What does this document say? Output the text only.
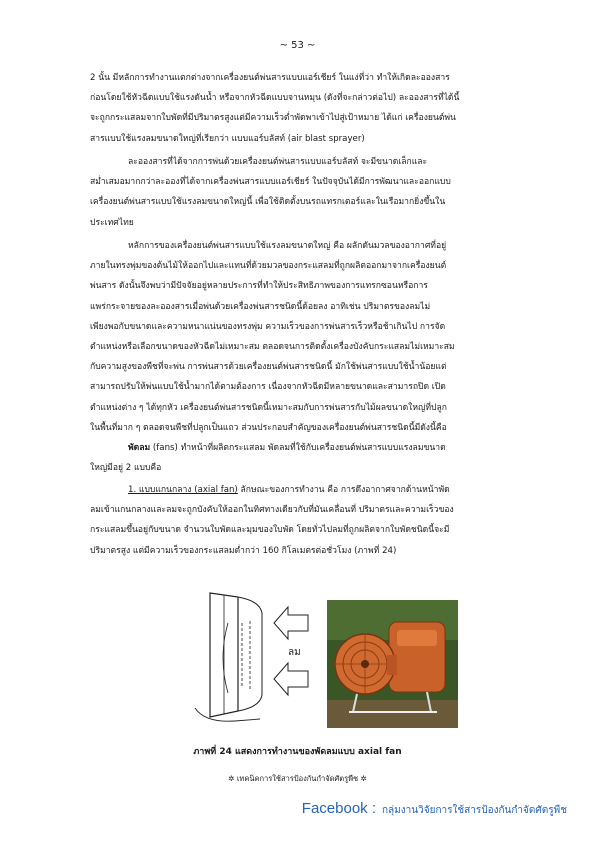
~ 53 ~
2 นั้น มีหลักการทำงานแตกต่างจากเครื่องยนต์พ่นสารแบบแอร์เชียร์ ในแง่ที่ว่า ทำให้เกิดละอองสาร
ก่อนโดยใช้หัวฉีดแบบใช้แรงดันน้ำ หรือจากหัวฉีดแบบจานหมุน (ดังที่จะกล่าวต่อไป) ละอองสารที่ได้นี้
จะถูกกระแสลมจากใบพัดที่มีปริมาตรสูงแต่มีความเร็วต่ำพัดพาเข้าไปสู่เป้าหมาย ได้แก่ เครื่องยนต์พ่น
สารแบบใช้แรงลมขนาดใหญ่ที่เรียกว่า แบบแอร์บลัสท์ (air blast sprayer)
ละอองสารที่ได้จากการพ่นด้วยเครื่องยนต์พ่นสารแบบแอร์บลัสท์ จะมีขนาดเล็กและ
สม่ำเสมอมากกว่าละอองที่ได้จากเครื่องพ่นสารแบบแอร์เชียร์ ในปัจจุบันได้มีการพัฒนาและออกแบบ
เครื่องยนต์พ่นสารแบบใช้แรงลมขนาดใหญ่นี้ เพื่อใช้ติดตั้งบนรถแทรกเตอร์และในเรือมากยิ่งขึ้นใน
ประเทศไทย
หลักการของเครื่องยนต์พ่นสารแบบใช้แรงลมขนาดใหญ่ คือ ผลักดันมวลของอากาศที่อยู่
ภายในทรงพุ่มของต้นไม้ให้ออกไปและแทนที่ด้วยมวลของกระแสลมที่ถูกผลิตออกมาจากเครื่องยนต์
พ่นสาร ดังนั้นจึงพบว่ามีปัจจัยอยู่หลายประการที่ทำให้ประสิทธิภาพของการแทรกซอนหรือการ
แพร่กระจายของละอองสารเมื่อพ่นด้วยเครื่องพ่นสารชนิดนี้ด้อยลง อาทิเช่น ปริมาตรของลมไม่
เพียงพอกับขนาดและความหนาแน่นของทรงพุ่ม ความเร็วของการพ่นสารเร็วหรือช้าเกินไป การจัด
ตำแหน่งหรือเลือกขนาดของหัวฉีดไม่เหมาะสม ตลอดจนการติดตั้งเครื่องบังคับกระแสลมไม่เหมาะสม
กับความสูงของพืชที่จะพ่น การพ่นสารด้วยเครื่องยนต์พ่นสารชนิดนี้ มักใช้พ่นสารแบบใช้น้ำน้อยแต่
สามารถปรับให้พ่นแบบใช้น้ำมากได้ตามต้องการ เนื่องจากหัวฉีดมีหลายขนาดและสามารถปิด เปิด
ตำแหน่งต่าง ๆ ได้ทุกหัว เครื่องยนต์พ่นสารชนิดนี้เหมาะสมกับการพ่นสารกับไม้ผลขนาดใหญ่ที่ปลูก
ในพื้นที่มาก ๆ ตลอดจนพืชที่ปลูกเป็นแถว ส่วนประกอบสำคัญของเครื่องยนต์พ่นสารชนิดนี้มีดังนี้คือ
พัดลม (fans) ทำหน้าที่ผลิตกระแสลม พัดลมที่ใช้กับเครื่องยนต์พ่นสารแบบแรงลมขนาด
ใหญ่มีอยู่ 2 แบบคือ
1. แบบแกนกลาง (axial fan) ลักษณะของการทำงาน คือ การดึงอากาศจากด้านหน้าพัด
ลมเข้าแกนกลางและลมจะถูกบังคับให้ออกในทิศทางเดียวกับที่มันเคลื่อนที่ ปริมาตรและความเร็วของ
กระแสลมขึ้นอยู่กับขนาด จำนวนใบพัดและมุมของใบพัด โดยทั่วไปลมที่ถูกผลิตจากใบพัดชนิดนี้จะมี
ปริมาตรสูง แต่มีความเร็วของกระแสลมต่ำกว่า 160 กิโลเมตรต่อชั่วโมง (ภาพที่ 24)
ลม
ภาพที่ 24 แสดงการทำงานของพัดลมแบบ axial fan
✲ เทคนิคการใช้สารป้องกันกำจัดศัตรูพืช ✲
Facebook : กลุ่มงานวิจัยการใช้สารป้องกันกำจัดศัตรูพืช
